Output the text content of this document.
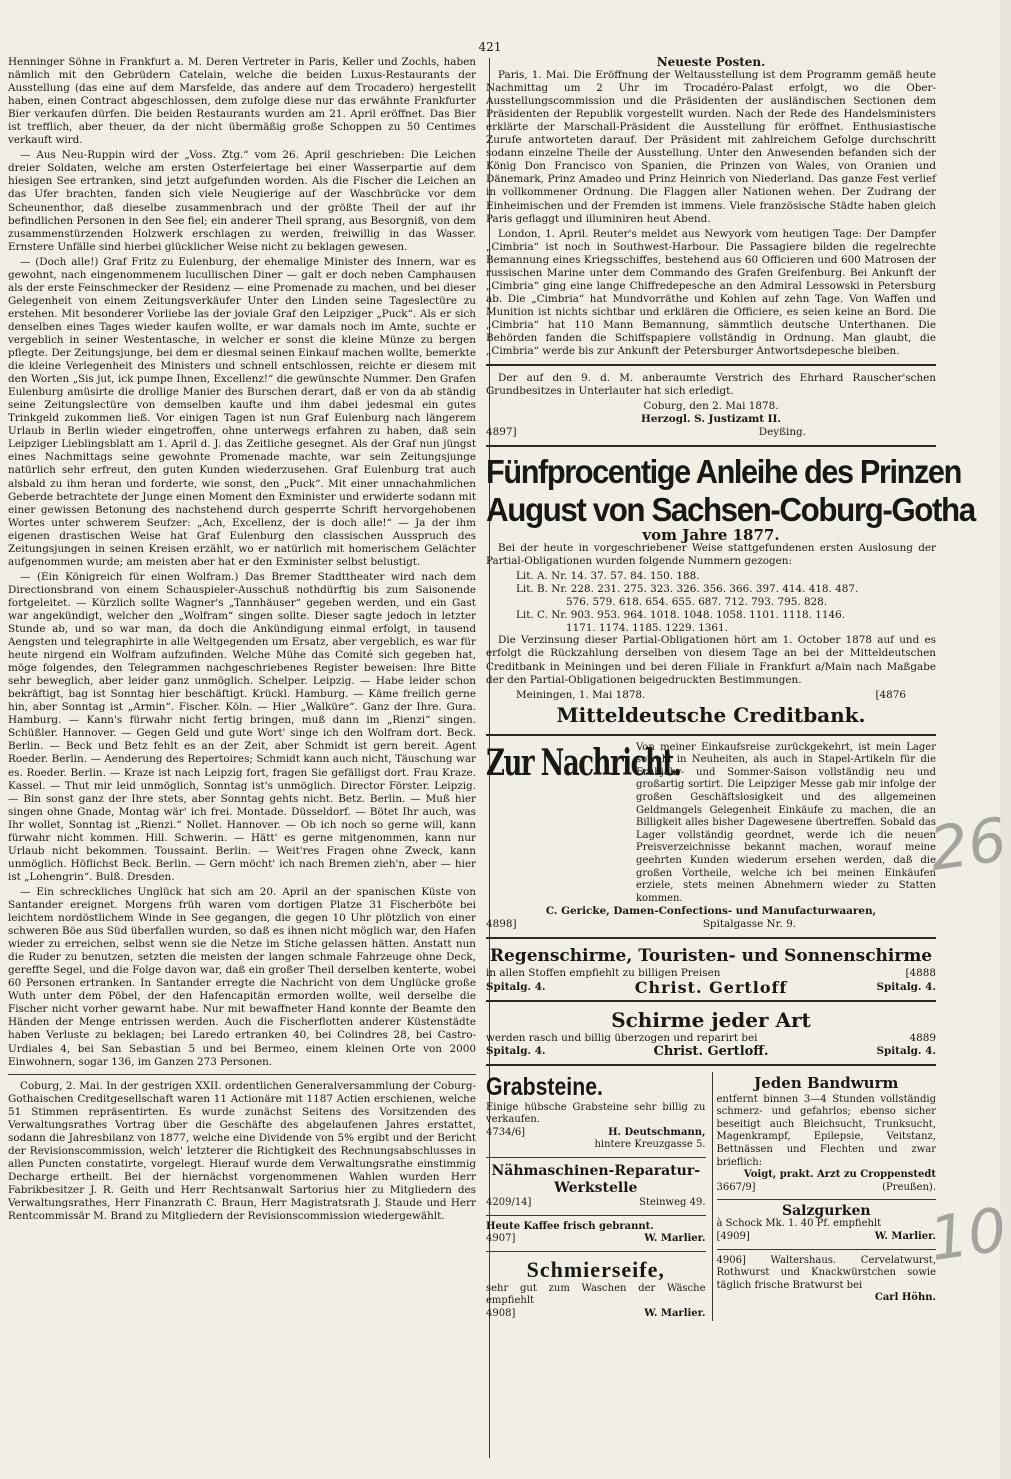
421

Henninger Söhne in Frankfurt a. M. Deren Vertreter in Paris, Keller und Zochls, haben nämlich mit den Gebrüdern Catelain, welche die beiden Luxus-Restaurants der Ausstellung (das eine auf dem Marsfelde, das andere auf dem Trocadero) hergestellt haben, einen Contract abgeschlossen, dem zufolge diese nur das erwähnte Frankfurter Bier verkaufen dürfen. Die beiden Restaurants wurden am 21. April eröffnet. Das Bier ist trefflich, aber theuer, da der nicht übermäßig große Schoppen zu 50 Centimes verkauft wird.

— Aus Neu-Ruppin wird der „Voss. Ztg.“ vom 26. April geschrieben: Die Leichen dreier Soldaten, welche am ersten Osterfeiertage bei einer Wasserpartie auf dem hiesigen See ertranken, sind jetzt aufgefunden worden. Als die Fischer die Leichen an das Ufer brachten, fanden sich viele Neugierige auf der Waschbrücke vor dem Scheunenthor, daß dieselbe zusammenbrach und der größte Theil der auf ihr befindlichen Personen in den See fiel; ein anderer Theil sprang, aus Besorgniß, von dem zusammenstürzenden Holzwerk erschlagen zu werden, freiwillig in das Wasser. Ernstere Unfälle sind hierbei glücklicher Weise nicht zu beklagen gewesen.

— (Doch alle!) Graf Fritz zu Eulenburg, der ehemalige Minister des Innern, war es gewohnt, nach eingenommenem lucullischen Diner — galt er doch neben Camphausen als der erste Feinschmecker der Residenz — eine Promenade zu machen, und bei dieser Gelegenheit von einem Zeitungsverkäufer Unter den Linden seine Tageslectüre zu erstehen. Mit besonderer Vorliebe las der joviale Graf den Leipziger „Puck“. Als er sich denselben eines Tages wieder kaufen wollte, er war damals noch im Amte, suchte er vergeblich in seiner Westentasche, in welcher er sonst die kleine Münze zu bergen pflegte. Der Zeitungsjunge, bei dem er diesmal seinen Einkauf machen wollte, bemerkte die kleine Verlegenheit des Ministers und schnell entschlossen, reichte er diesem mit den Worten „Sis jut, ick pumpe Ihnen, Excellenz!“ die gewünschte Nummer. Den Grafen Eulenburg amüsirte die drollige Manier des Burschen derart, daß er von da ab ständig seine Zeitungslectüre von demselben kaufte und ihm dabei jedesmal ein gutes Trinkgeld zukommen ließ. Vor einigen Tagen ist nun Graf Eulenburg nach längerem Urlaub in Berlin wieder eingetroffen, ohne unterwegs erfahren zu haben, daß sein Leipziger Lieblingsblatt am 1. April d. J. das Zeitliche gesegnet. Als der Graf nun jüngst eines Nachmittags seine gewohnte Promenade machte, war sein Zeitungsjunge natürlich sehr erfreut, den guten Kunden wiederzusehen. Graf Eulenburg trat auch alsbald zu ihm heran und forderte, wie sonst, den „Puck“. Mit einer unnachahmlichen Geberde betrachtete der Junge einen Moment den Exminister und erwiderte sodann mit einer gewissen Betonung des nachstehend durch gesperrte Schrift hervorgehobenen Wortes unter schwerem Seufzer: „Ach, Excellenz, der is doch alle!“ — Ja der ihm eigenen drastischen Weise hat Graf Eulenburg den classischen Ausspruch des Zeitungsjungen in seinen Kreisen erzählt, wo er natürlich mit homerischem Gelächter aufgenommen wurde; am meisten aber hat er den Exminister selbst belustigt.

— (Ein Königreich für einen Wolfram.) Das Bremer Stadttheater wird nach dem Directionsbrand von einem Schauspieler-Ausschuß nothdürftig bis zum Saisonende fortgeleitet. — Kürzlich sollte Wagner's „Tannhäuser“ gegeben werden, und ein Gast war angekündigt, welcher den „Wolfram“ singen sollte. Dieser sagte jedoch in letzter Stunde ab, und so war man, da doch die Ankündigung einmal erfolgt, in tausend Aengsten und telegraphirte in alle Weltgegenden um Ersatz, aber vergeblich, es war für heute nirgend ein Wolfram aufzufinden. Welche Mühe das Comité sich gegeben hat, möge folgendes, den Telegrammen nachgeschriebenes Register beweisen: Ihre Bitte sehr beweglich, aber leider ganz unmöglich. Schelper. Leipzig. — Habe leider schon bekräftigt, bag ist Sonntag hier beschäftigt. Krückl. Hamburg. — Käme freilich gerne hin, aber Sonntag ist „Armin“. Fischer. Köln. — Hier „Walküre“. Ganz der Ihre. Gura. Hamburg. — Kann's fürwahr nicht fertig bringen, muß dann im „Rienzi“ singen. Schüßler. Hannover. — Gegen Geld und gute Wort' singe ich den Wolfram dort. Beck. Berlin. — Beck und Betz fehlt es an der Zeit, aber Schmidt ist gern bereit. Agent Roeder. Berlin. — Aenderung des Repertoires; Schmidt kann auch nicht, Täuschung war es. Roeder. Berlin. — Kraze ist nach Leipzig fort, fragen Sie gefälligst dort. Frau Kraze. Kassel. — Thut mir leid unmöglich, Sonntag ist's unmöglich. Director Förster. Leipzig. — Bin sonst ganz der Ihre stets, aber Sonntag gehts nicht. Betz. Berlin. — Muß hier singen ohne Gnade, Montag wär' ich frei. Montade. Düsseldorf. — Bötet Ihr auch, was Ihr wollet, Sonntag ist „Rienzi.“ Nollet. Hannover. — Ob ich noch so gerne will, kann fürwahr nicht kommen. Hill. Schwerin. — Hätt' es gerne mitgenommen, kann nur Urlaub nicht bekommen. Toussaint. Berlin. — Weit'res Fragen ohne Zweck, kann unmöglich. Höflichst Beck. Berlin. — Gern möcht' ich nach Bremen zieh'n, aber — hier ist „Lohengrin“. Bulß. Dresden.

— Ein schreckliches Unglück hat sich am 20. April an der spanischen Küste von Santander ereignet. Morgens früh waren vom dortigen Platze 31 Fischerböte bei leichtem nordöstlichem Winde in See gegangen, die gegen 10 Uhr plötzlich von einer schweren Böe aus Süd überfallen wurden, so daß es ihnen nicht möglich war, den Hafen wieder zu erreichen, selbst wenn sie die Netze im Stiche gelassen hätten. Anstatt nun die Ruder zu benutzen, setzten die meisten der langen schmale Fahrzeuge ohne Deck, gereffte Segel, und die Folge davon war, daß ein großer Theil derselben kenterte, wobei 60 Personen ertranken. In Santander erregte die Nachricht von dem Unglücke große Wuth unter dem Pöbel, der den Hafencapitän ermorden wollte, weil derselbe die Fischer nicht vorher gewarnt habe. Nur mit bewaffneter Hand konnte der Beamte den Händen der Menge entrissen werden. Auch die Fischerflotten anderer Küstenstädte haben Verluste zu beklagen; bei Laredo ertranken 40, bei Colindres 28, bei Castro-Urdiales 4, bei San Sebastian 5 und bei Bermeo, einem kleinen Orte von 2000 Einwohnern, sogar 136, im Ganzen 273 Personen.

Coburg, 2. Mai. In der gestrigen XXII. ordentlichen Generalversammlung der Coburg-Gothaischen Creditgesellschaft waren 11 Actionäre mit 1187 Actien erschienen, welche 51 Stimmen repräsentirten. Es wurde zunächst Seitens des Vorsitzenden des Verwaltungsrathes Vortrag über die Geschäfte des abgelaufenen Jahres erstattet, sodann die Jahresbilanz von 1877, welche eine Dividende von 5% ergibt und der Bericht der Revisionscommission, welch' letzterer die Richtigkeit des Rechnungsabschlusses in allen Puncten constatirte, vorgelegt. Hierauf wurde dem Verwaltungsrathe einstimmig Decharge ertheilt. Bei der hiernächst vorgenommenen Wahlen wurden Herr Fabrikbesitzer J. R. Geith und Herr Rechtsanwalt Sartorius hier zu Mitgliedern des Verwaltungsrathes, Herr Finanzrath C. Braun, Herr Magistratsrath J. Staude und Herr Rentcommissär M. Brand zu Mitgliedern der Revisionscommission wiedergewählt.

Neueste Posten.

Paris, 1. Mai. Die Eröffnung der Weltausstellung ist dem Programm gemäß heute Nachmittag um 2 Uhr im Trocadéro-Palast erfolgt, wo die Ober-Ausstellungscommission und die Präsidenten der ausländischen Sectionen dem Präsidenten der Republik vorgestellt wurden. Nach der Rede des Handelsministers erklärte der Marschall-Präsident die Ausstellung für eröffnet. Enthusiastische Zurufe antworteten darauf. Der Präsident mit zahlreichem Gefolge durchschritt sodann einzelne Theile der Ausstellung. Unter den Anwesenden befanden sich der König Don Francisco von Spanien, die Prinzen von Wales, von Oranien und Dänemark, Prinz Amadeo und Prinz Heinrich von Niederland. Das ganze Fest verlief in vollkommener Ordnung. Die Flaggen aller Nationen wehen. Der Zudrang der Einheimischen und der Fremden ist immens. Viele französische Städte haben gleich Paris geflaggt und illuminiren heut Abend.

London, 1. April. Reuter's meldet aus Newyork vom heutigen Tage: Der Dampfer „Cimbria“ ist noch in Southwest-Harbour. Die Passagiere bilden die regelrechte Bemannung eines Kriegsschiffes, bestehend aus 60 Officieren und 600 Matrosen der russischen Marine unter dem Commando des Grafen Greifenburg. Bei Ankunft der „Cimbria“ ging eine lange Chiffredepesche an den Admiral Lessowski in Petersburg ab. Die „Cimbria“ hat Mundvorräthe und Kohlen auf zehn Tage. Von Waffen und Munition ist nichts sichtbar und erklären die Officiere, es seien keine an Bord. Die „Cimbria“ hat 110 Mann Bemannung, sämmtlich deutsche Unterthanen. Die Behörden fanden die Schiffspapiere vollständig in Ordnung. Man glaubt, die „Cimbria“ werde bis zur Ankunft der Petersburger Antwortsdepesche bleiben.

Der auf den 9. d. M. anberaumte Verstrich des Ehrhard Rauscher'schen Grundbesitzes in Unterlauter hat sich erledigt.

Coburg, den 2. Mai 1878.
Herzogl. S. Justizamt II.
4897]	Deyßing.
Fünfprocentige Anleihe des Prinzen
August von Sachsen-Coburg-Gotha
vom Jahre 1877.

Bei der heute in vorgeschriebener Weise stattgefundenen ersten Auslosung der Partial-Obligationen wurden folgende Nummern gezogen:

Lit. A. Nr. 14. 37. 57. 84. 150. 188.
Lit. B. Nr. 228. 231. 275. 323. 326. 356. 366. 397. 414. 418. 487.
576. 579. 618. 654. 655. 687. 712. 793. 795. 828.
Lit. C. Nr. 903. 953. 964. 1018. 1048. 1058. 1101. 1118. 1146.
1171. 1174. 1185. 1229. 1361.

Die Verzinsung dieser Partial-Obligationen hört am 1. October 1878 auf und es erfolgt die Rückzahlung derselben von diesem Tage an bei der Mitteldeutschen Creditbank in Meiningen und bei deren Filiale in Frankfurt a/Main nach Maßgabe der den Partial-Obligationen beigedruckten Bestimmungen.

Meiningen, 1. Mai 1878.	[4876
Mitteldeutsche Creditbank.
Zur Nachricht.
Von meiner Einkaufsreise zurückgekehrt, ist mein Lager sowohl in Neuheiten, als auch in Stapel-Artikeln für die Frühjahr- und Sommer-Saison vollständig neu und großartig sortirt. Die Leipziger Messe gab mir infolge der großen Geschäftslosigkeit und des allgemeinen Geldmangels Gelegenheit Einkäufe zu machen, die an Billigkeit alles bisher Dagewesene übertreffen. Sobald das Lager vollständig geordnet, werde ich die neuen Preisverzeichnisse bekannt machen, worauf meine geehrten Kunden wiederum ersehen werden, daß die großen Vortheile, welche ich bei meinen Einkäufen erziele, stets meinen Abnehmern wieder zu Statten kommen.
C. Gericke, Damen-Confections- und Manufacturwaaren,
4898]	Spitalgasse Nr. 9.
Regenschirme, Touristen- und Sonnenschirme
in allen Stoffen empfiehlt zu billigen Preisen	[4888
Spitalg. 4.	Christ. Gertloff	Spitalg. 4.
Schirme jeder Art
werden rasch und billig überzogen und reparirt bei	4889
Spitalg. 4.	Christ. Gertloff.	Spitalg. 4.
Grabsteine.
Einige hübsche Grabsteine sehr billig zu verkaufen.
4734/6]	H. Deutschmann,
hintere Kreuzgasse 5.
Nähmaschinen-Reparatur-Werkstelle
4209/14]	Steinweg 49.
Heute Kaffee frisch gebrannt.
4907]	W. Marlier.
Schmierseife,
sehr gut zum Waschen der Wäsche empfiehlt
4908]	W. Marlier.
Jeden Bandwurm
entfernt binnen 3—4 Stunden vollständig schmerz- und gefahrlos; ebenso sicher beseitigt auch Bleichsucht, Trunksucht, Magenkrampf, Epilepsie, Veitstanz, Bettnässen und Flechten und zwar brieflich:
Voigt, prakt. Arzt zu Croppenstedt
3667/9]	(Preußen).
Salzgurken
à Schock Mk. 1. 40 Pf. empfiehlt
[4909]	W. Marlier.
4906] Waltershaus. Cervelatwurst, Rothwurst und Knackwürstchen sowie täglich frische Bratwurst bei
Carl Höhn.
26
10
